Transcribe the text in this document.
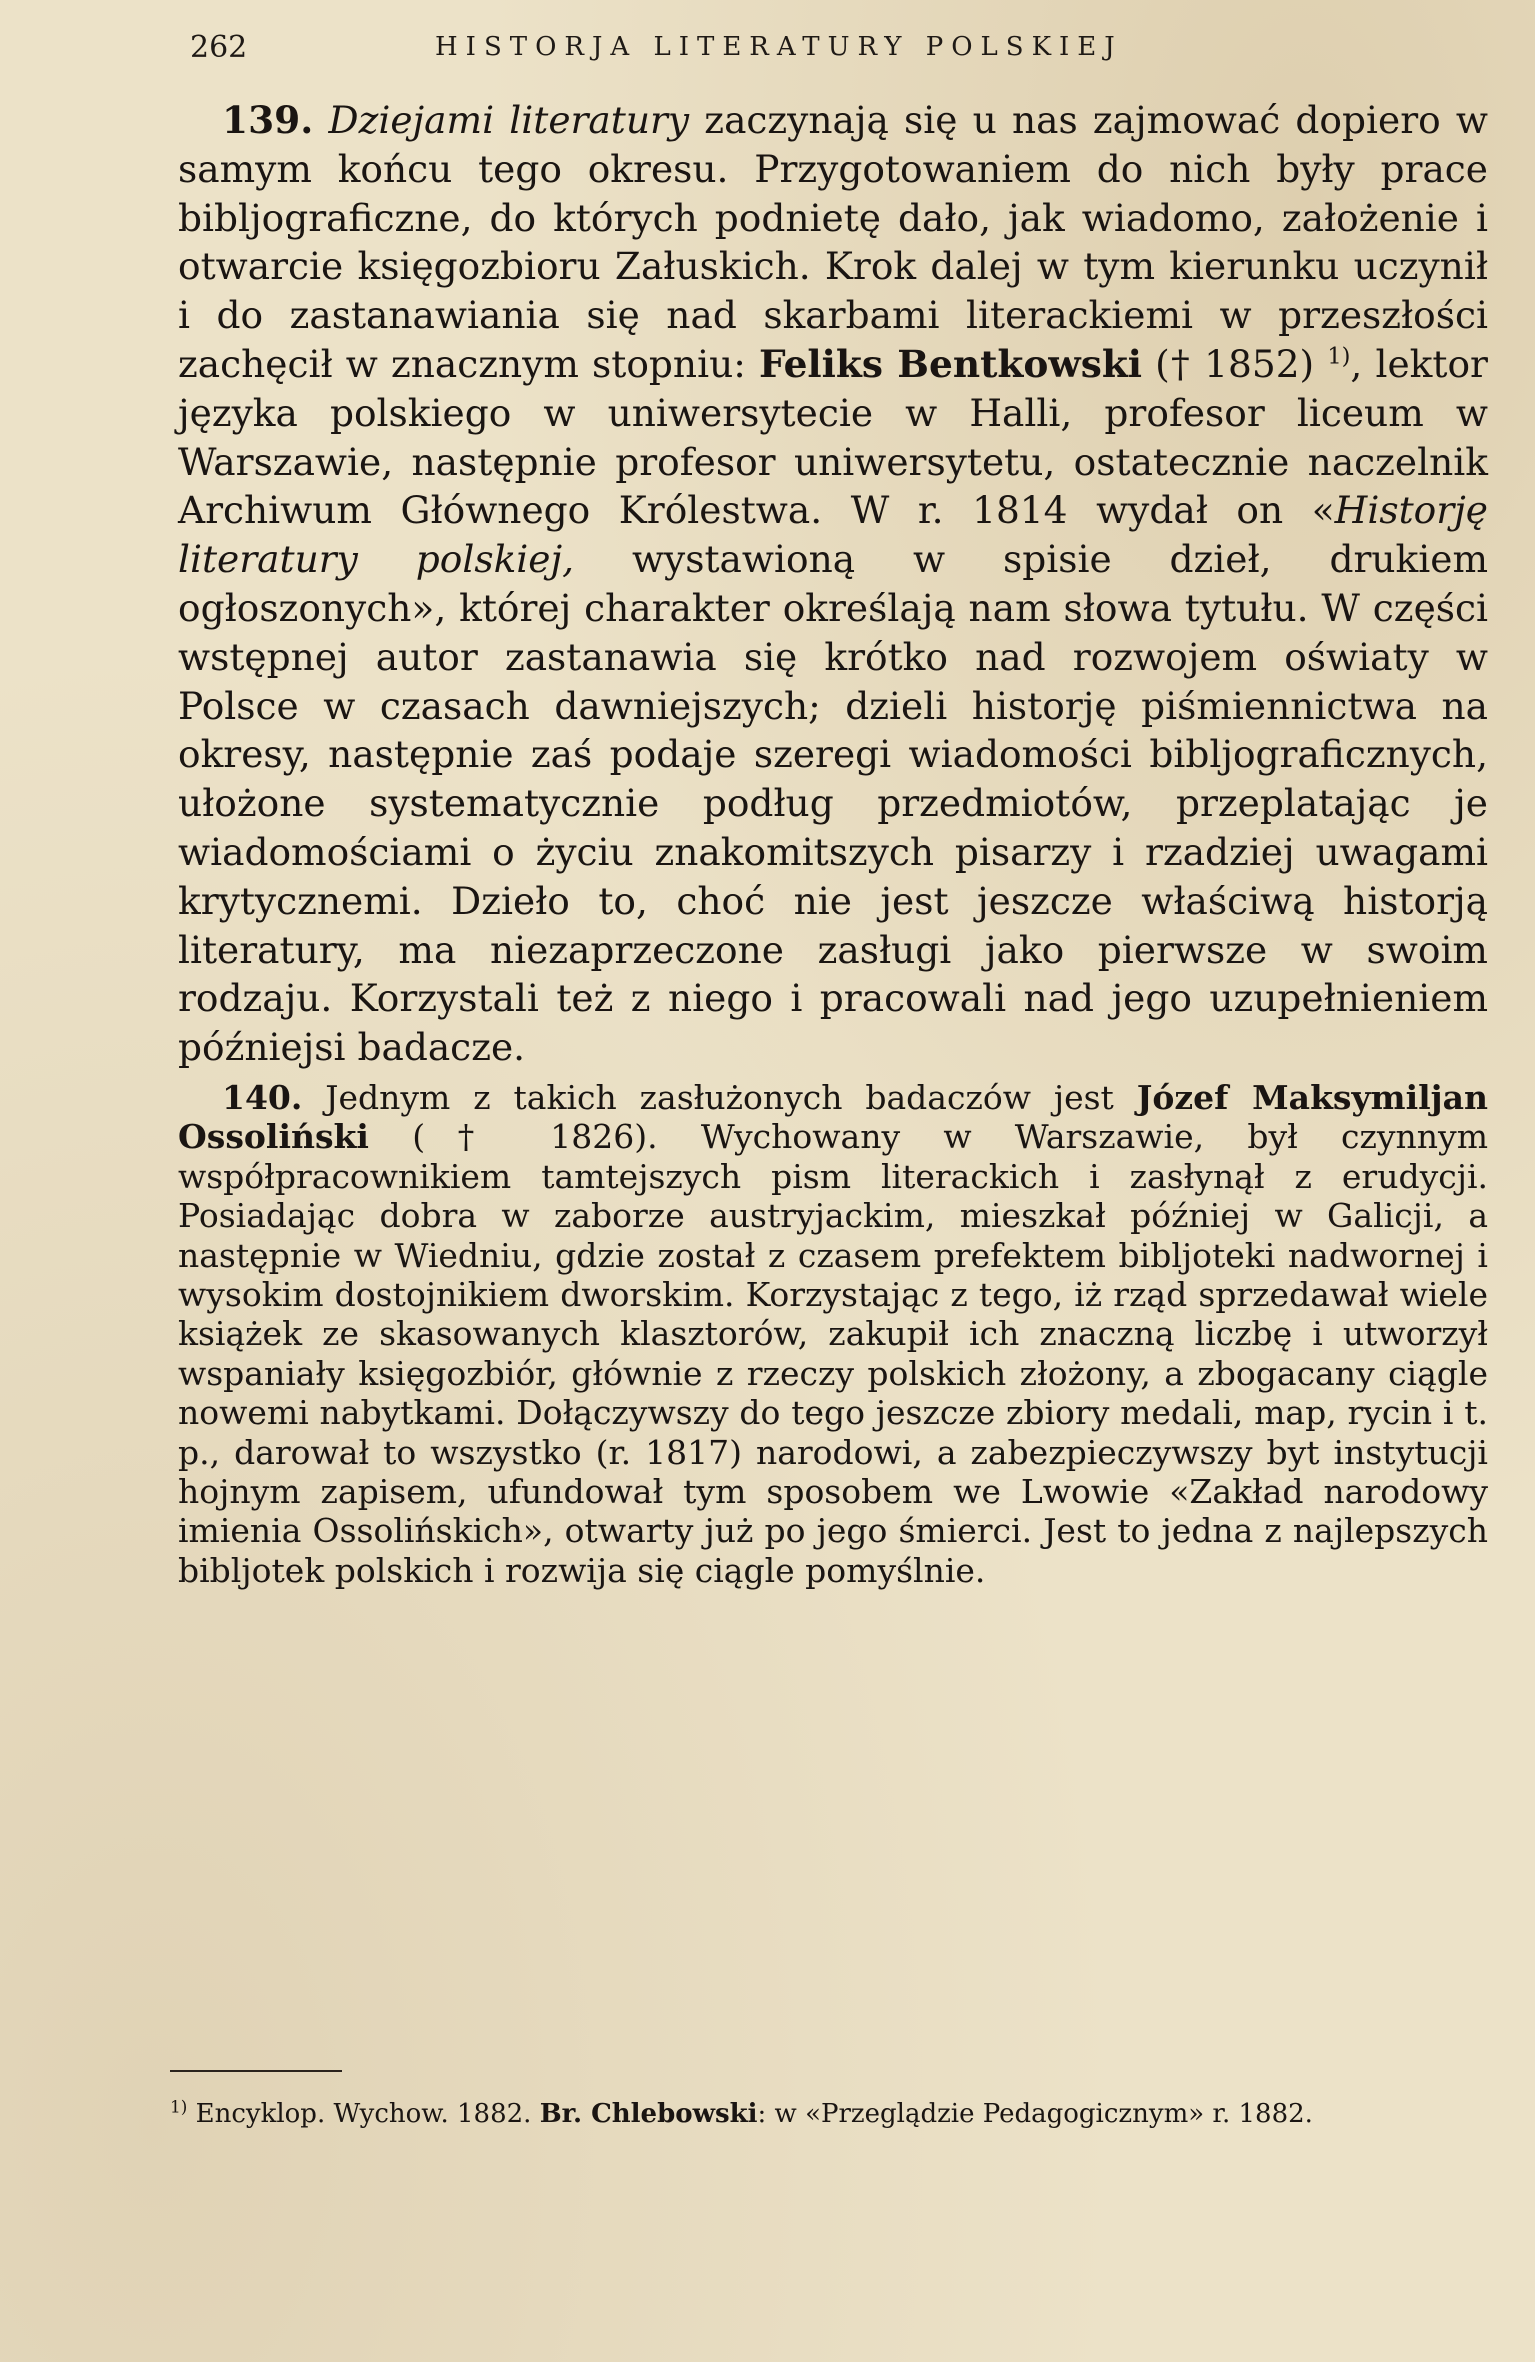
262	HISTORJA LITERATURY POLSKIEJ

139. Dziejami literatury zaczynają się u nas zajmować dopiero w samym końcu tego okresu. Przygotowaniem do nich były prace bibljograficzne, do których podnietę dało, jak wiadomo, założenie i otwarcie księgozbioru Załuskich. Krok dalej w tym kierunku uczynił i do zastanawiania się nad skarbami literackiemi w przeszłości zachęcił w znacznym stopniu: Feliks Bentkowski († 1852) $^{1)}$, lektor języka polskiego w uniwersytecie w Halli, profesor liceum w Warszawie, następnie profesor uniwersytetu, ostatecznie naczelnik Archiwum Głównego Królestwa. W r. 1814 wydał on «Historję literatury polskiej, wystawioną w spisie dzieł, drukiem ogłoszonych», której charakter określają nam słowa tytułu. W części wstępnej autor zastanawia się krótko nad rozwojem oświaty w Polsce w czasach dawniejszych; dzieli historję piśmiennictwa na okresy, następnie zaś podaje szeregi wiadomości bibljograficznych, ułożone systematycznie podług przedmiotów, przeplatając je wiadomościami o życiu znakomitszych pisarzy i rzadziej uwagami krytycznemi. Dzieło to, choć nie jest jeszcze właściwą historją literatury, ma niezaprzeczone zasługi jako pierwsze w swoim rodzaju. Korzystali też z niego i pracowali nad jego uzupełnieniem późniejsi badacze.

140. Jednym z takich zasłużonych badaczów jest Józef Maksymiljan Ossoliński († 1826). Wychowany w Warszawie, był czynnym współpracownikiem tamtejszych pism literackich i zasłynął z erudycji. Posiadając dobra w zaborze austryjackim, mieszkał później w Galicji, a następnie w Wiedniu, gdzie został z czasem prefektem bibljoteki nadwornej i wysokim dostojnikiem dworskim. Korzystając z tego, iż rząd sprzedawał wiele książek ze skasowanych klasztorów, zakupił ich znaczną liczbę i utworzył wspaniały księgozbiór, głównie z rzeczy polskich złożony, a zbogacany ciągle nowemi nabytkami. Dołączywszy do tego jeszcze zbiory medali, map, rycin i t. p., darował to wszystko (r. 1817) narodowi, a zabezpieczywszy byt instytucji hojnym zapisem, ufundował tym sposobem we Lwowie «Zakład narodowy imienia Ossolińskich», otwarty już po jego śmierci. Jest to jedna z najlepszych bibljotek polskich i rozwija się ciągle pomyślnie.

$^{1)}$ Encyklop. Wychow. 1882. Br. Chlebowski: w «Przeglądzie Pedagogicznym» r. 1882.
